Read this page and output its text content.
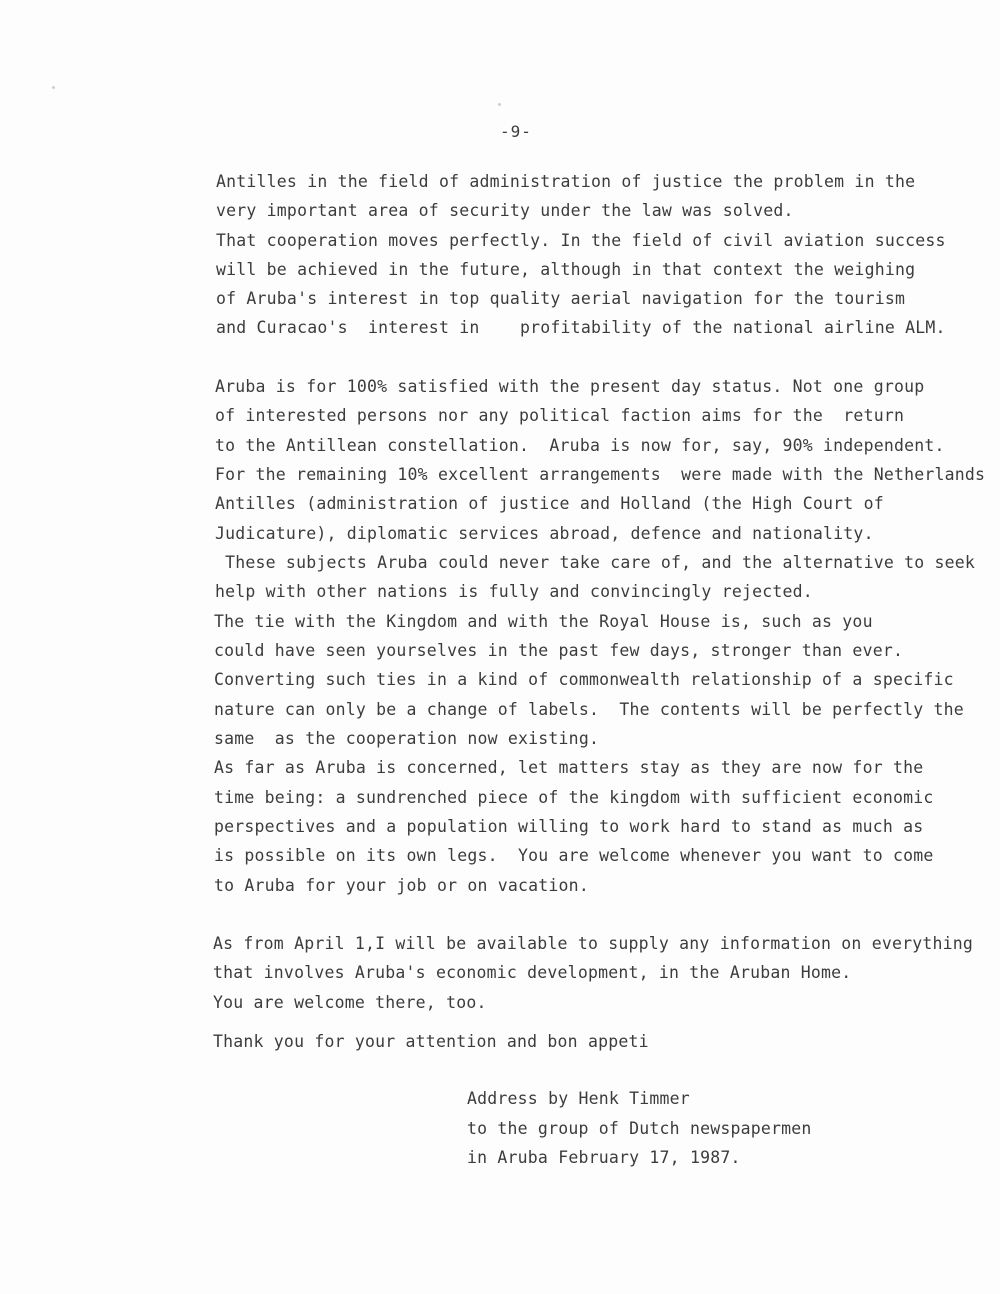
-9-
Antilles in the field of administration of justice the problem in the
very important area of security under the law was solved.
That cooperation moves perfectly. In the field of civil aviation success
will be achieved in the future, although in that context the weighing
of Aruba's interest in top quality aerial navigation for the tourism
and Curacao's  interest in    profitability of the national airline ALM.
Aruba is for 100% satisfied with the present day status. Not one group
of interested persons nor any political faction aims for the  return
to the Antillean constellation.  Aruba is now for, say, 90% independent.
For the remaining 10% excellent arrangements  were made with the Netherlands
Antilles (administration of justice and Holland (the High Court of
Judicature), diplomatic services abroad, defence and nationality.
These subjects Aruba could never take care of, and the alternative to seek
help with other nations is fully and convincingly rejected.
The tie with the Kingdom and with the Royal House is, such as you
could have seen yourselves in the past few days, stronger than ever.
Converting such ties in a kind of commonwealth relationship of a specific
nature can only be a change of labels.  The contents will be perfectly the
same  as the cooperation now existing.
As far as Aruba is concerned, let matters stay as they are now for the
time being: a sundrenched piece of the kingdom with sufficient economic
perspectives and a population willing to work hard to stand as much as
is possible on its own legs.  You are welcome whenever you want to come
to Aruba for your job or on vacation.
As from April 1,I will be available to supply any information on everything
that involves Aruba's economic development, in the Aruban Home.
You are welcome there, too.
Thank you for your attention and bon appeti
Address by Henk Timmer
to the group of Dutch newspapermen
in Aruba February 17, 1987.
